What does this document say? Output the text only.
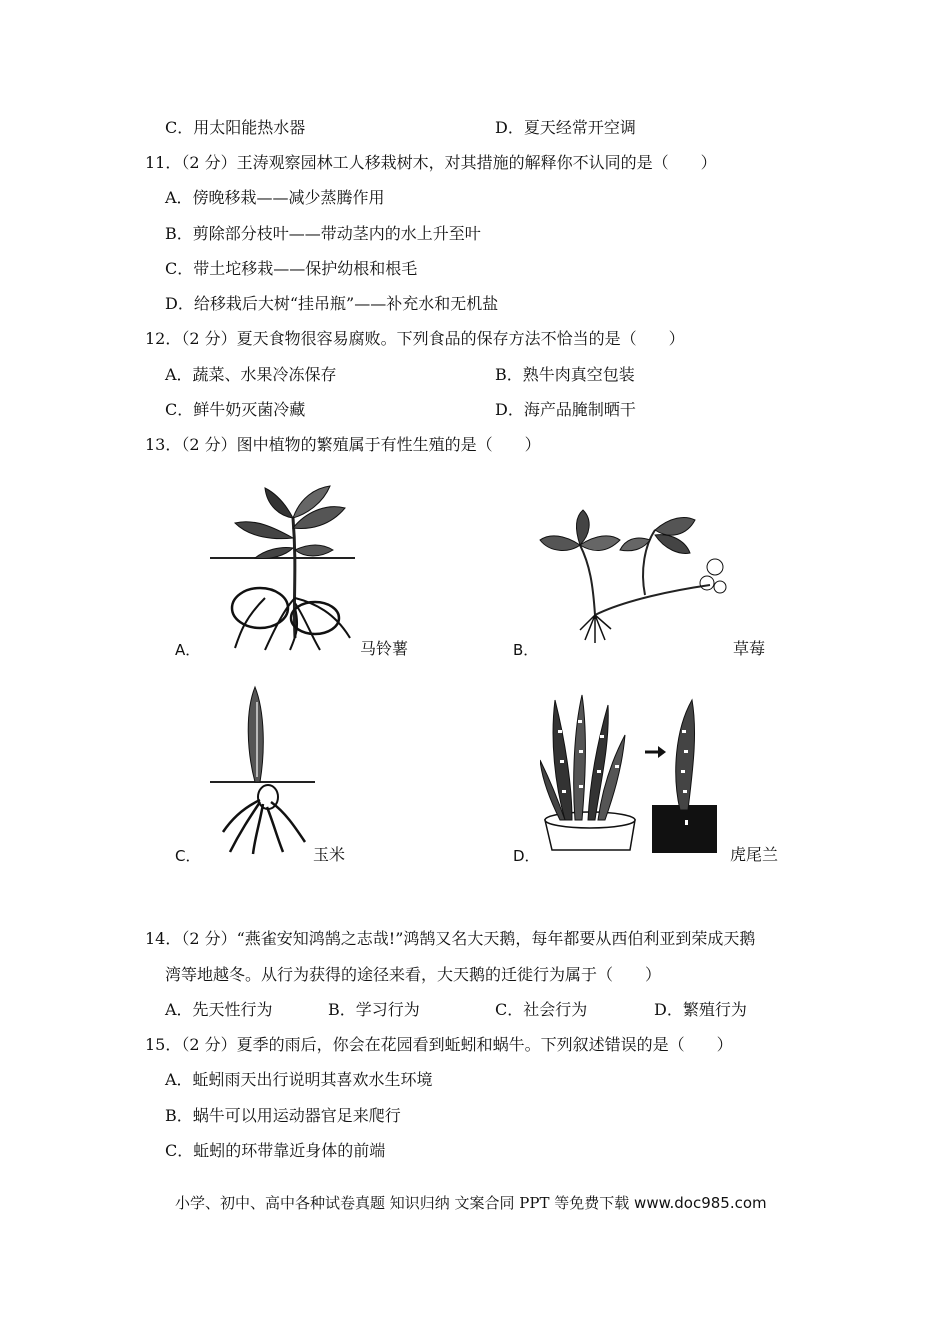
C．用太阳能热水器	D．夏天经常开空调
11．（2 分）王涛观察园林工人移栽树木，对其措施的解释你不认同的是（　　）
A．傍晚移栽——减少蒸腾作用
B．剪除部分枝叶——带动茎内的水上升至叶
C．带土坨移栽——保护幼根和根毛
D．给移栽后大树“挂吊瓶”——补充水和无机盐
12．（2 分）夏天食物很容易腐败。下列食品的保存方法不恰当的是（　　）
A．蔬菜、水果冷冻保存	B．熟牛肉真空包装
C．鲜牛奶灭菌冷藏	D．海产品腌制晒干
13．（2 分）图中植物的繁殖属于有性生殖的是（　　）
A．	马铃薯	B．	草莓
C．	玉米	D．	虎尾兰
14．（2 分）“燕雀安知鸿鹄之志哉!”鸿鹄又名大天鹅，每年都要从西伯利亚到荣成天鹅
湾等地越冬。从行为获得的途径来看，大天鹅的迁徙行为属于（　　）
A．先天性行为	B．学习行为	C．社会行为	D．繁殖行为
15．（2 分）夏季的雨后，你会在花园看到蚯蚓和蜗牛。下列叙述错误的是（　　）
A．蚯蚓雨天出行说明其喜欢水生环境
B．蜗牛可以用运动器官足来爬行
C．蚯蚓的环带靠近身体的前端
小学、初中、高中各种试卷真题 知识归纳 文案合同 PPT 等免费下载 www.doc985.com
